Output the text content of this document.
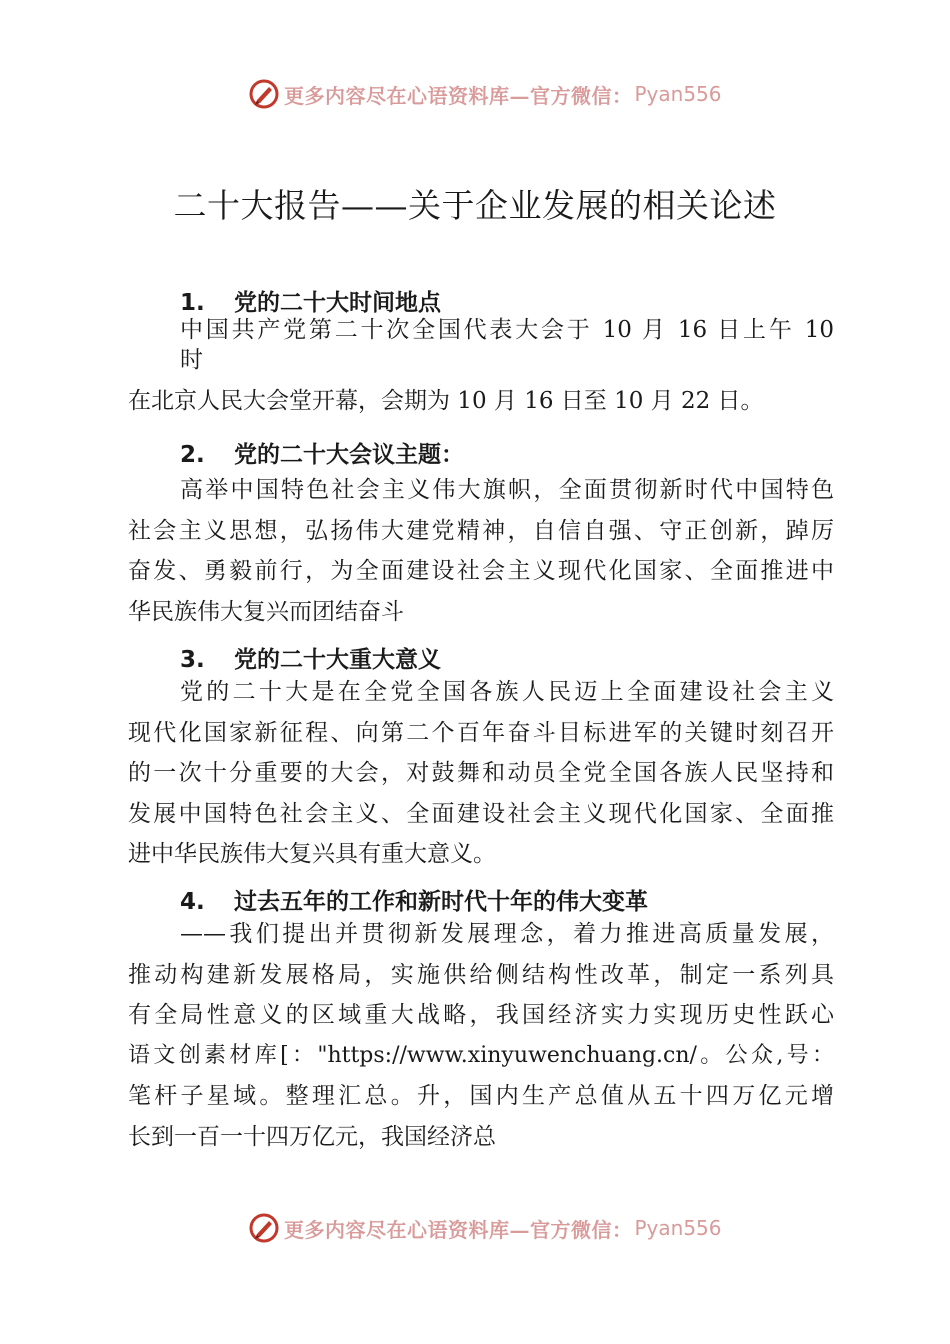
更多内容尽在心语资料库—官方微信： Pyan556
二十大报告——关于企业发展的相关论述
1. 党的二十大时间地点
中国共产党第二十次全国代表大会于 10 月 16 日上午 10
时
在北京人民大会堂开幕，会期为 10 月 16 日至 10 月 22 日。
2. 党的二十大会议主题：
高举中国特色社会主义伟大旗帜，全面贯彻新时代中国特色
社会主义思想，弘扬伟大建党精神，自信自强、守正创新，踔厉
奋发、勇毅前行，为全面建设社会主义现代化国家、全面推进中
华民族伟大复兴而团结奋斗
3. 党的二十大重大意义
党的二十大是在全党全国各族人民迈上全面建设社会主义
现代化国家新征程、向第二个百年奋斗目标进军的关键时刻召开
的一次十分重要的大会，对鼓舞和动员全党全国各族人民坚持和
发展中国特色社会主义、全面建设社会主义现代化国家、全面推
进中华民族伟大复兴具有重大意义。
4. 过去五年的工作和新时代十年的伟大变革
——我们提出并贯彻新发展理念，着力推进高质量发展，
推动构建新发展格局，实施供给侧结构性改革，制定一系列具
有全局性意义的区域重大战略，我国经济实力实现历史性跃心
语文创素材库[："https://www.xinyuwenchuang.cn/。公众,号：
笔杆子星域。整理汇总。升，国内生产总值从五十四万亿元增
长到一百一十四万亿元，我国经济总
更多内容尽在心语资料库—官方微信： Pyan556
